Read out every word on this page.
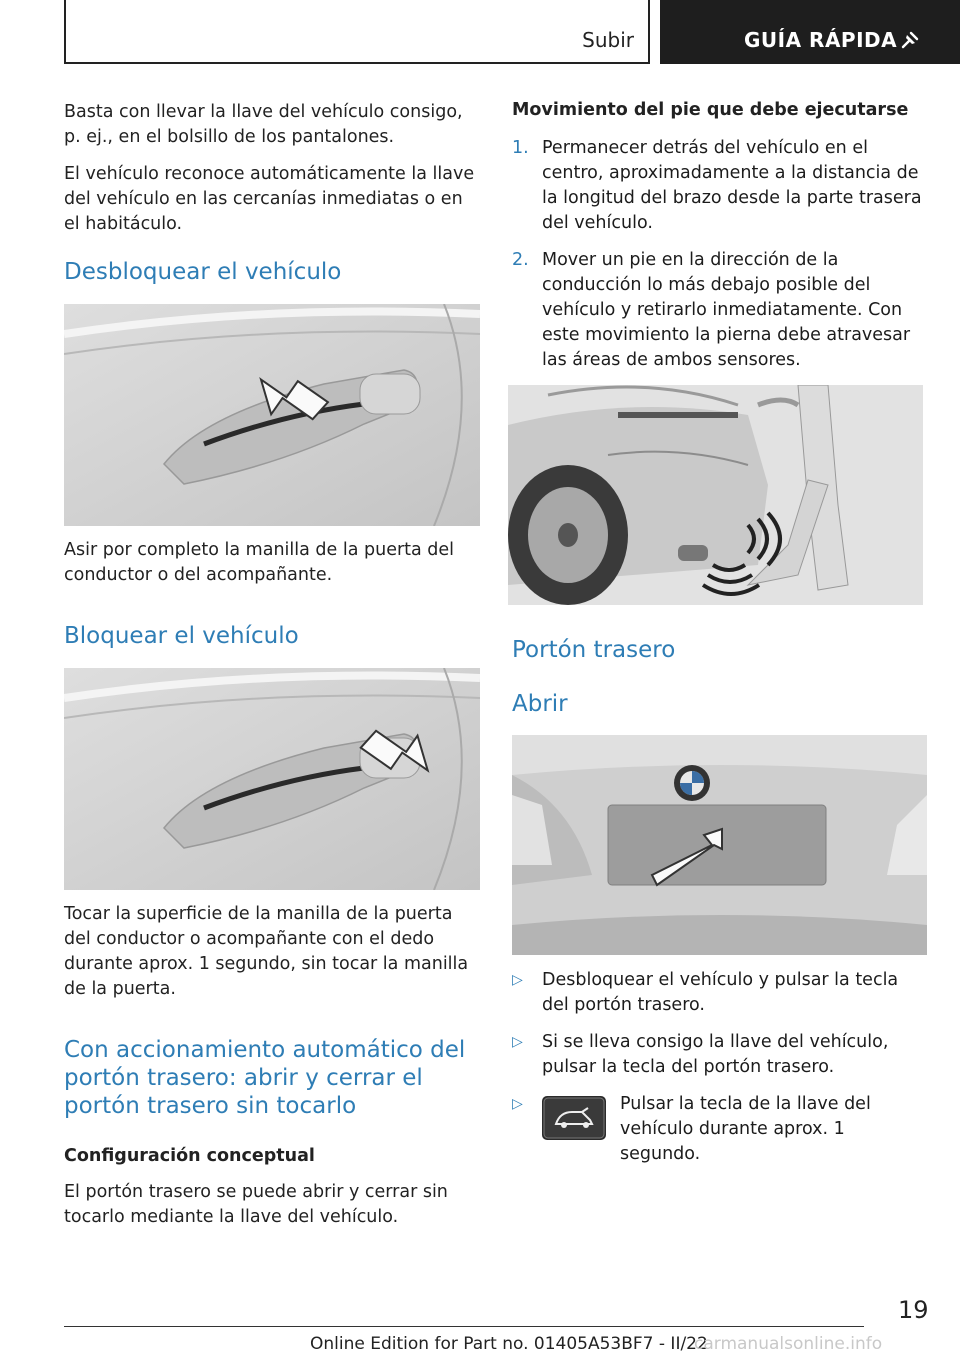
Subir	GUÍA RÁPIDA
Basta con llevar la llave del vehículo consigo, p. ej., en el bolsillo de los pantalones.
El vehículo reconoce automáticamente la llave del vehículo en las cercanías inmediatas o en el habitáculo.
Desbloquear el vehículo
Asir por completo la manilla de la puerta del conductor o del acompañante.
Bloquear el vehículo
Tocar la superficie de la manilla de la puerta del conductor o acompañante con el dedo durante aprox. 1 segundo, sin tocar la manilla de la puerta.
Con accionamiento automático del portón trasero: abrir y cerrar el portón trasero sin tocarlo
Configuración conceptual
El portón trasero se puede abrir y cerrar sin tocarlo mediante la llave del vehículo.
Movimiento del pie que debe ejecutarse
1. Permanecer detrás del vehículo en el centro, aproximadamente a la distancia de la longitud del brazo desde la parte trasera del vehículo.
2. Mover un pie en la dirección de la conducción lo más debajo posible del vehículo y retirarlo inmediatamente. Con este movimiento la pierna debe atravesar las áreas de ambos sensores.
Portón trasero
Abrir
▷ Desbloquear el vehículo y pulsar la tecla del portón trasero.
▷ Si se lleva consigo la llave del vehículo, pulsar la tecla del portón trasero.
▷	Pulsar la tecla de la llave del vehículo durante aprox. 1 segundo.
19
Online Edition for Part no. 01405A53BF7 - II/22
carmanualsonline.info
